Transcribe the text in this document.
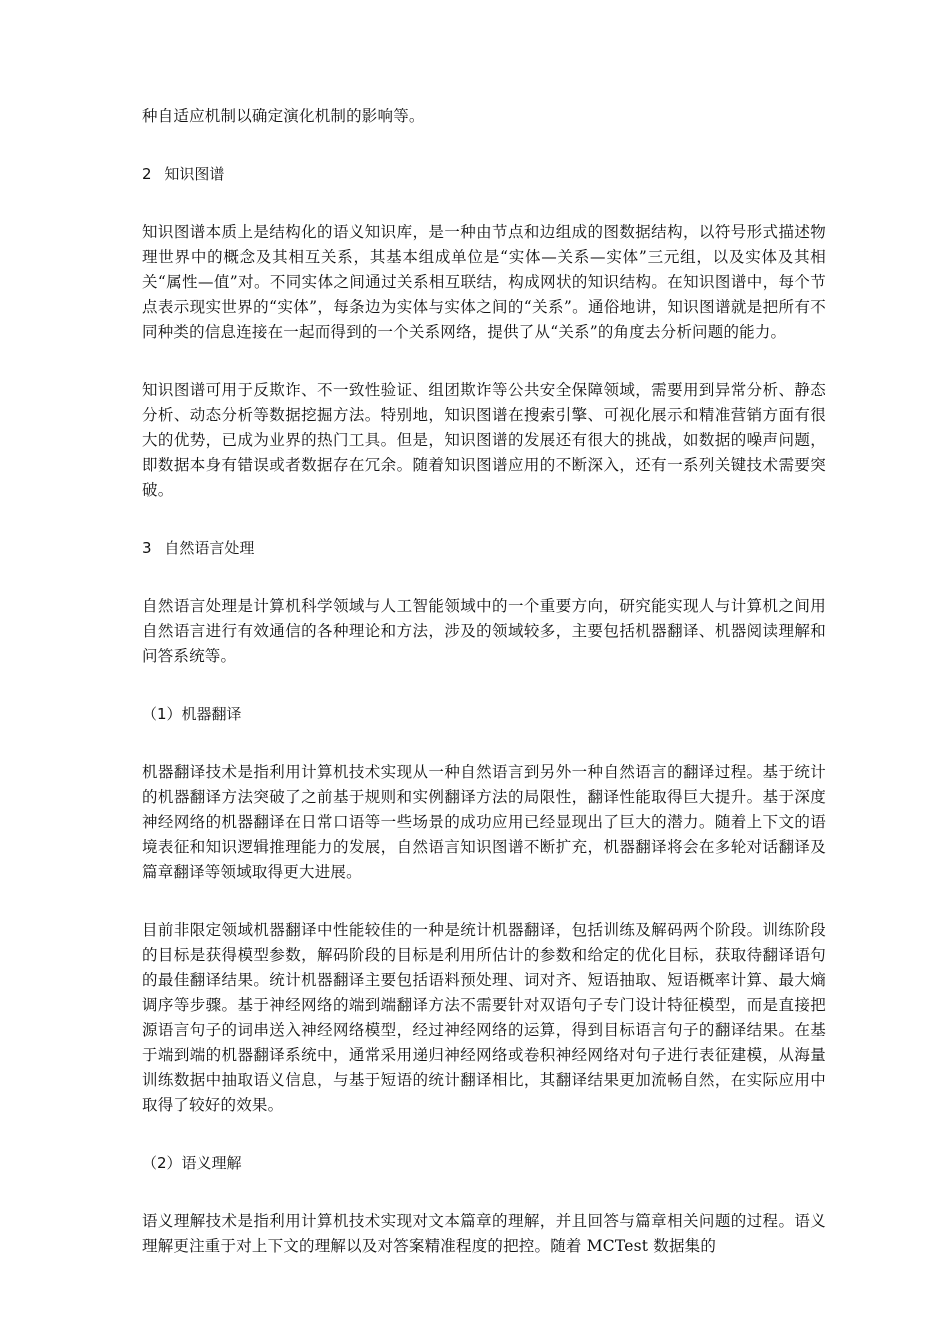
种自适应机制以确定演化机制的影响等。

2 知识图谱

知识图谱本质上是结构化的语义知识库，是一种由节点和边组成的图数据结构，以符号形式描述物理世界中的概念及其相互关系，其基本组成单位是“实体—关系—实体”三元组，以及实体及其相关“属性—值”对。不同实体之间通过关系相互联结，构成网状的知识结构。在知识图谱中，每个节点表示现实世界的“实体”，每条边为实体与实体之间的“关系”。通俗地讲，知识图谱就是把所有不同种类的信息连接在一起而得到的一个关系网络，提供了从“关系”的角度去分析问题的能力。

知识图谱可用于反欺诈、不一致性验证、组团欺诈等公共安全保障领域，需要用到异常分析、静态分析、动态分析等数据挖掘方法。特别地，知识图谱在搜索引擎、可视化展示和精准营销方面有很大的优势，已成为业界的热门工具。但是，知识图谱的发展还有很大的挑战，如数据的噪声问题，即数据本身有错误或者数据存在冗余。随着知识图谱应用的不断深入，还有一系列关键技术需要突破。

3 自然语言处理

自然语言处理是计算机科学领域与人工智能领域中的一个重要方向，研究能实现人与计算机之间用自然语言进行有效通信的各种理论和方法，涉及的领域较多，主要包括机器翻译、机器阅读理解和问答系统等。

（1）机器翻译

机器翻译技术是指利用计算机技术实现从一种自然语言到另外一种自然语言的翻译过程。基于统计的机器翻译方法突破了之前基于规则和实例翻译方法的局限性，翻译性能取得巨大提升。基于深度神经网络的机器翻译在日常口语等一些场景的成功应用已经显现出了巨大的潜力。随着上下文的语境表征和知识逻辑推理能力的发展，自然语言知识图谱不断扩充，机器翻译将会在多轮对话翻译及篇章翻译等领域取得更大进展。

目前非限定领域机器翻译中性能较佳的一种是统计机器翻译，包括训练及解码两个阶段。训练阶段的目标是获得模型参数，解码阶段的目标是利用所估计的参数和给定的优化目标，获取待翻译语句的最佳翻译结果。统计机器翻译主要包括语料预处理、词对齐、短语抽取、短语概率计算、最大熵调序等步骤。基于神经网络的端到端翻译方法不需要针对双语句子专门设计特征模型，而是直接把源语言句子的词串送入神经网络模型，经过神经网络的运算，得到目标语言句子的翻译结果。在基于端到端的机器翻译系统中，通常采用递归神经网络或卷积神经网络对句子进行表征建模，从海量训练数据中抽取语义信息，与基于短语的统计翻译相比，其翻译结果更加流畅自然，在实际应用中取得了较好的效果。

（2）语义理解

语义理解技术是指利用计算机技术实现对文本篇章的理解，并且回答与篇章相关问题的过程。语义理解更注重于对上下文的理解以及对答案精准程度的把控。随着 MCTest 数据集的
